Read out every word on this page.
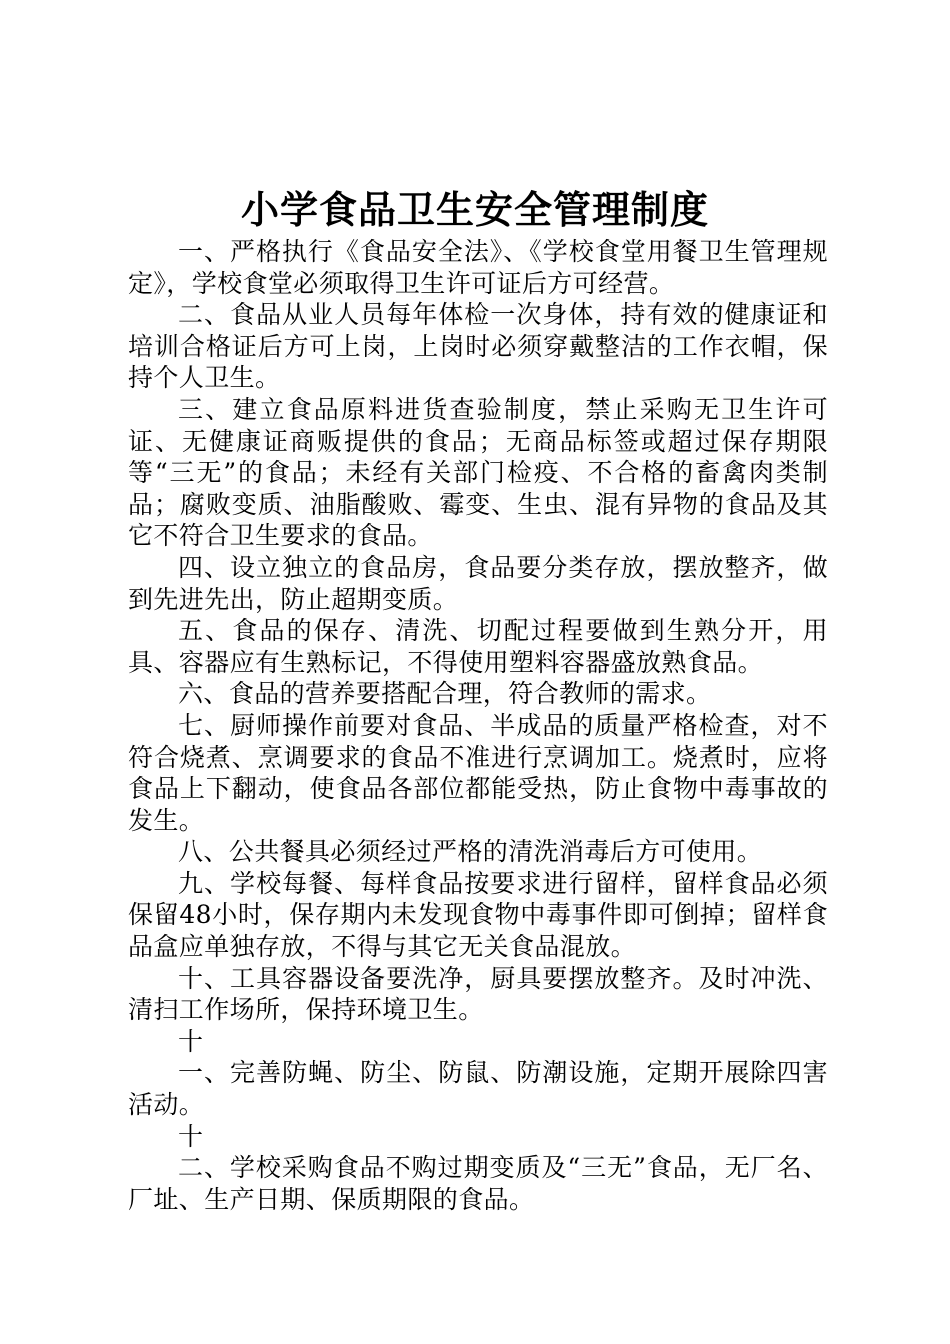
小学食品卫生安全管理制度

一、严格执行《食品安全法》、《学校食堂用餐卫生管理规定》，学校食堂必须取得卫生许可证后方可经营。

二、食品从业人员每年体检一次身体，持有效的健康证和培训合格证后方可上岗，上岗时必须穿戴整洁的工作衣帽，保持个人卫生。

三、建立食品原料进货查验制度，禁止采购无卫生许可证、无健康证商贩提供的食品；无商品标签或超过保存期限等“三无”的食品；未经有关部门检疫、不合格的畜禽肉类制品；腐败变质、油脂酸败、霉变、生虫、混有异物的食品及其它不符合卫生要求的食品。

四、设立独立的食品房，食品要分类存放，摆放整齐，做到先进先出，防止超期变质。

五、食品的保存、清洗、切配过程要做到生熟分开，用具、容器应有生熟标记，不得使用塑料容器盛放熟食品。

六、食品的营养要搭配合理，符合教师的需求。

七、厨师操作前要对食品、半成品的质量严格检查，对不符合烧煮、烹调要求的食品不准进行烹调加工。烧煮时，应将食品上下翻动，使食品各部位都能受热，防止食物中毒事故的发生。

八、公共餐具必须经过严格的清洗消毒后方可使用。

九、学校每餐、每样食品按要求进行留样，留样食品必须保留48小时，保存期内未发现食物中毒事件即可倒掉；留样食品盒应单独存放，不得与其它无关食品混放。

十、工具容器设备要洗净，厨具要摆放整齐。及时冲洗、清扫工作场所，保持环境卫生。

十

一、完善防蝇、防尘、防鼠、防潮设施，定期开展除四害活动。

十

二、学校采购食品不购过期变质及“三无”食品，无厂名、厂址、生产日期、保质期限的食品。
